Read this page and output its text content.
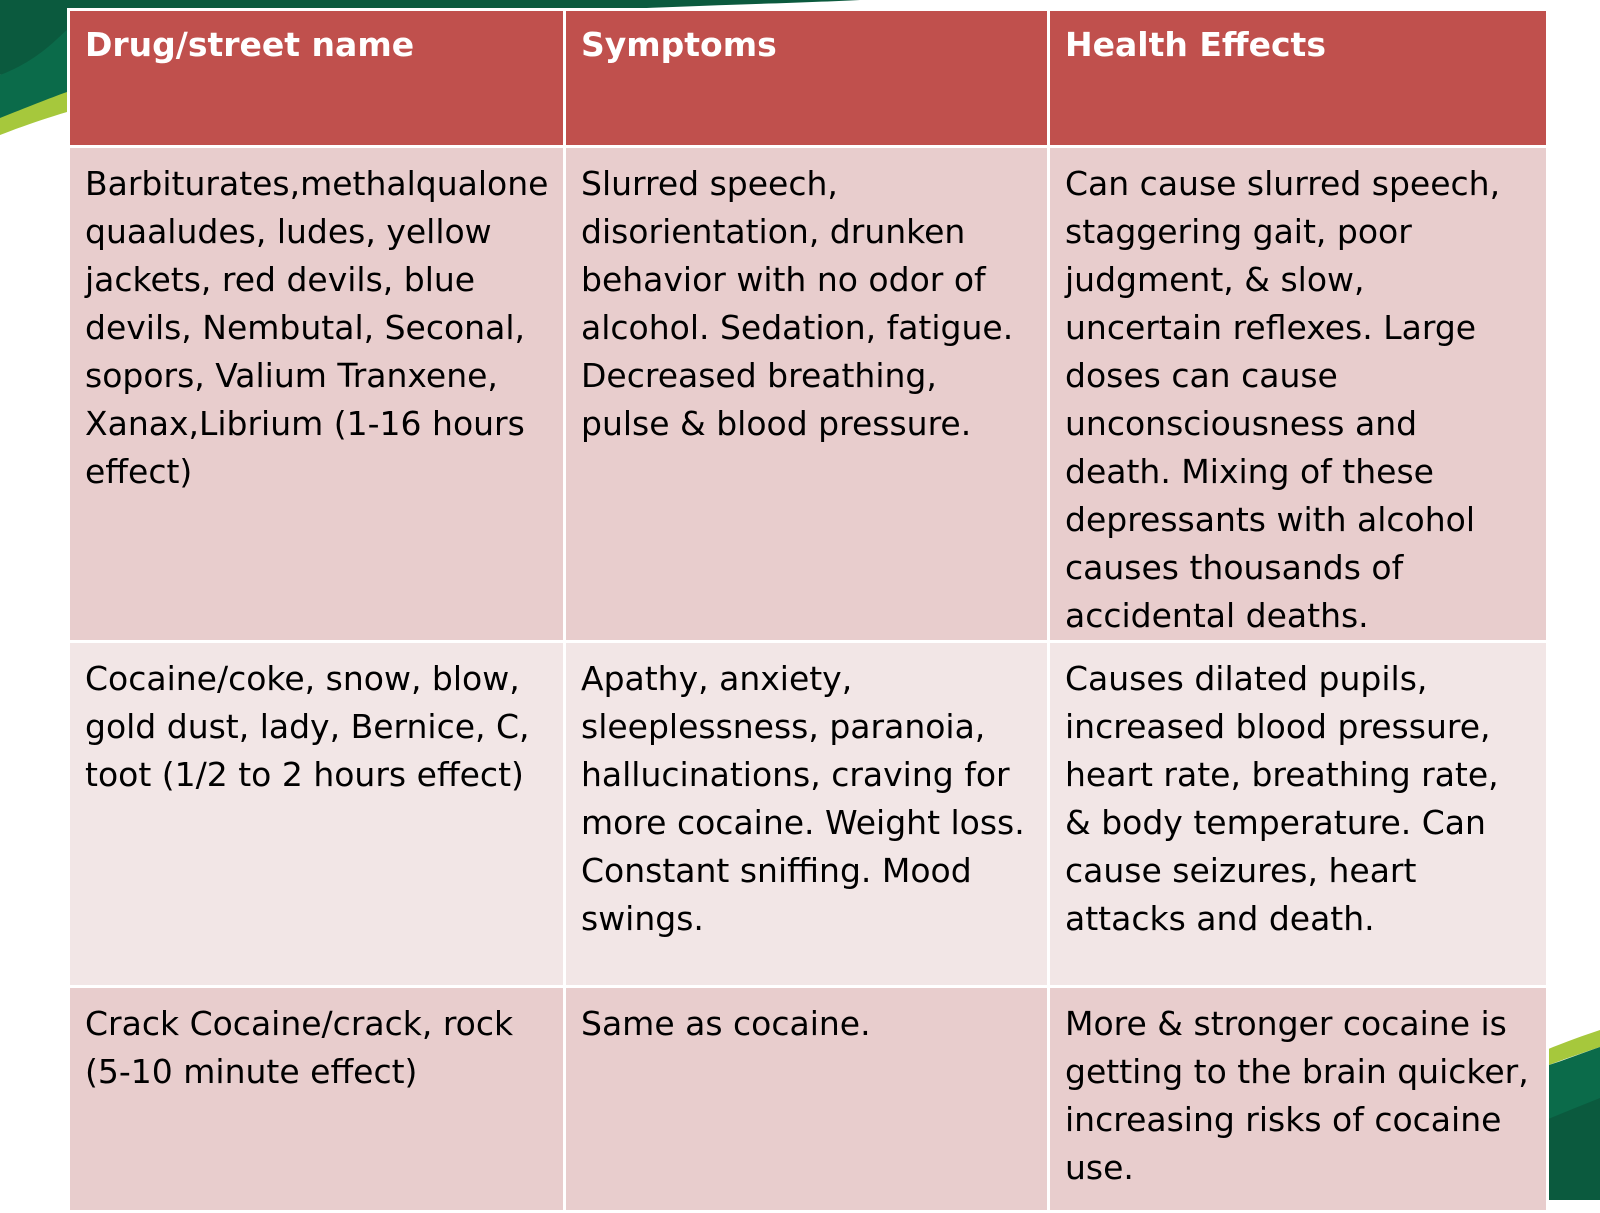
Drug/street name	Symptoms	Health Effects
Barbiturates,methalqualone quaaludes, ludes, yellow jackets, red devils, blue devils, Nembutal, Seconal, sopors, Valium Tranxene, Xanax,Librium (1-16 hours effect)	Slurred speech, disorientation, drunken behavior with no odor of alcohol. Sedation, fatigue. Decreased breathing, pulse & blood pressure.	Can cause slurred speech, staggering gait, poor judgment, & slow, uncertain reflexes. Large doses can cause unconsciousness and death. Mixing of these depressants with alcohol causes thousands of accidental deaths.
Cocaine/coke, snow, blow, gold dust, lady, Bernice, C, toot (1/2 to 2 hours effect)	Apathy, anxiety, sleeplessness, paranoia, hallucinations, craving for more cocaine. Weight loss. Constant sniffing. Mood swings.	Causes dilated pupils, increased blood pressure, heart rate, breathing rate, & body temperature. Can cause seizures, heart attacks and death.
Crack Cocaine/crack, rock (5-10 minute effect)	Same as cocaine.	More & stronger cocaine is getting to the brain quicker, increasing risks of cocaine use.
